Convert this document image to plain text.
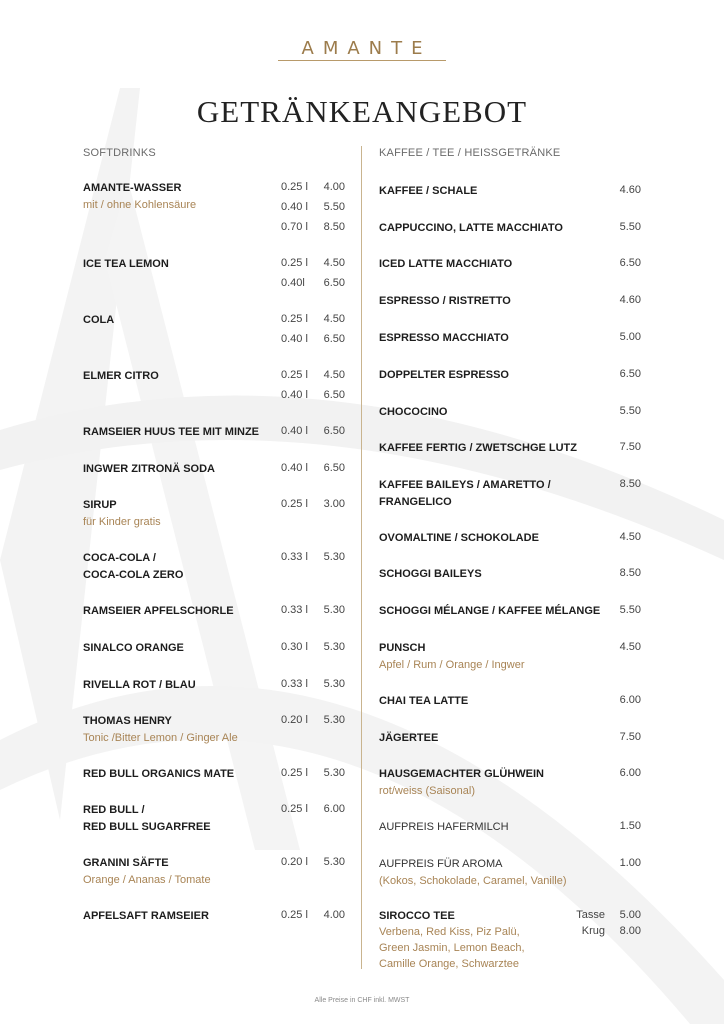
AMANTE
GETRÄNKEANGEBOT
SOFTDRINKS	KAFFEE / TEE / HEISSGETRÄNKE
AMANTE-WASSER
mit / ohne Kohlensäure
0.25 l	4.00
0.40 l	5.50
0.70 l	8.50
ICE TEA LEMON	0.25 l	4.50
0.40l	6.50
COLA	0.25 l	4.50
0.40 l	6.50
ELMER CITRO	0.25 l	4.50
0.40 l	6.50
RAMSEIER HUUS TEE MIT MINZE 0.40 l	6.50
INGWER ZITRONÄ SODA	0.40 l	6.50
SIRUP
für Kinder gratis
0.25 l	3.00
COCA-COLA /
COCA-COLA ZERO
0.33 l	5.30
RAMSEIER APFELSCHORLE	0.33 l	5.30
SINALCO ORANGE	0.30 l	5.30
RIVELLA ROT / BLAU	0.33 l	5.30
THOMAS HENRY
Tonic /Bitter Lemon / Ginger Ale
0.20 l	5.30
RED BULL ORGANICS MATE	0.25 l	5.30
RED BULL /
RED BULL SUGARFREE
0.25 l	6.00
GRANINI SÄFTE
Orange / Ananas / Tomate
0.20 l	5.30
APFELSAFT RAMSEIER	0.25 l	4.00
KAFFEE / SCHALE	4.60
CAPPUCCINO, LATTE MACCHIATO	5.50
ICED LATTE MACCHIATO	6.50
ESPRESSO / RISTRETTO	4.60
ESPRESSO MACCHIATO	5.00
DOPPELTER ESPRESSO	6.50
CHOCOCINO	5.50
KAFFEE FERTIG / ZWETSCHGE LUTZ	7.50
KAFFEE BAILEYS / AMARETTO /
FRANGELICO
8.50
OVOMALTINE / SCHOKOLADE	4.50
SCHOGGI BAILEYS	8.50
SCHOGGI MÉLANGE / KAFFEE MÉLANGE	5.50
PUNSCH
Apfel / Rum / Orange / Ingwer
4.50
CHAI TEA LATTE	6.00
JÄGERTEE	7.50
HAUSGEMACHTER GLÜHWEIN
rot/weiss (Saisonal)
6.00
AUFPREIS HAFERMILCH	1.50
AUFPREIS FÜR AROMA
(Kokos, Schokolade, Caramel, Vanille)
1.00
SIROCCO TEE
Verbena, Red Kiss, Piz Palü,
Green Jasmin, Lemon Beach,
Camille Orange, Schwarztee
Tasse	5.00
Krug	8.00
Alle Preise in CHF inkl. MWST
